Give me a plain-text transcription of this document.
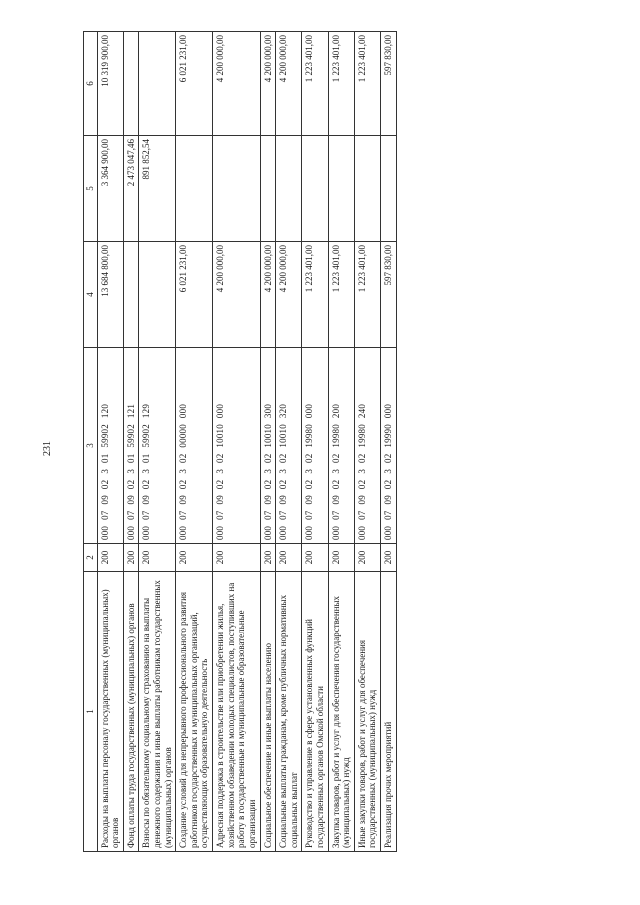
231
1	2	3	4	5	6
Расходы на выплаты персоналу государственных (муниципальных) органов	200	00007090230159902120	13 684 800,00	3 364 900,00	10 319 900,00
Фонд оплаты труда государственных (муниципальных) органов	200	00007090230159902121		2 473 047,46	
Взносы по обязательному социальному страхованию на выплаты денежного содержания и иные выплаты работникам государственных (муниципальных) органов	200	00007090230159902129		891 852,54	
Создание условий для непрерывного профессионального развития работников государственных и муниципальных организаций, осуществляющих образовательную деятельность	200	00007090230200000000	6 021 231,00		6 021 231,00
Адресная поддержка в строительстве или приобретении жилья, хозяйственном обзаведении молодых специалистов, поступивших на работу в государственные и муниципальные образовательные организации	200	00007090230210010000	4 200 000,00		4 200 000,00
Социальное обеспечение и иные выплаты населению	200	00007090230210010300	4 200 000,00		4 200 000,00
Социальные выплаты гражданам, кроме публичных нормативных социальных выплат	200	00007090230210010320	4 200 000,00		4 200 000,00
Руководство и управление в сфере установленных функций государственных органов Омской области	200	00007090230219980000	1 223 401,00		1 223 401,00
Закупка товаров, работ и услуг для обеспечения государственных (муниципальных) нужд	200	00007090230219980200	1 223 401,00		1 223 401,00
Иные закупки товаров, работ и услуг для обеспечения государственных (муниципальных) нужд	200	00007090230219980240	1 223 401,00		1 223 401,00
Реализация прочих мероприятий	200	00007090230219990000	597 830,00		597 830,00
